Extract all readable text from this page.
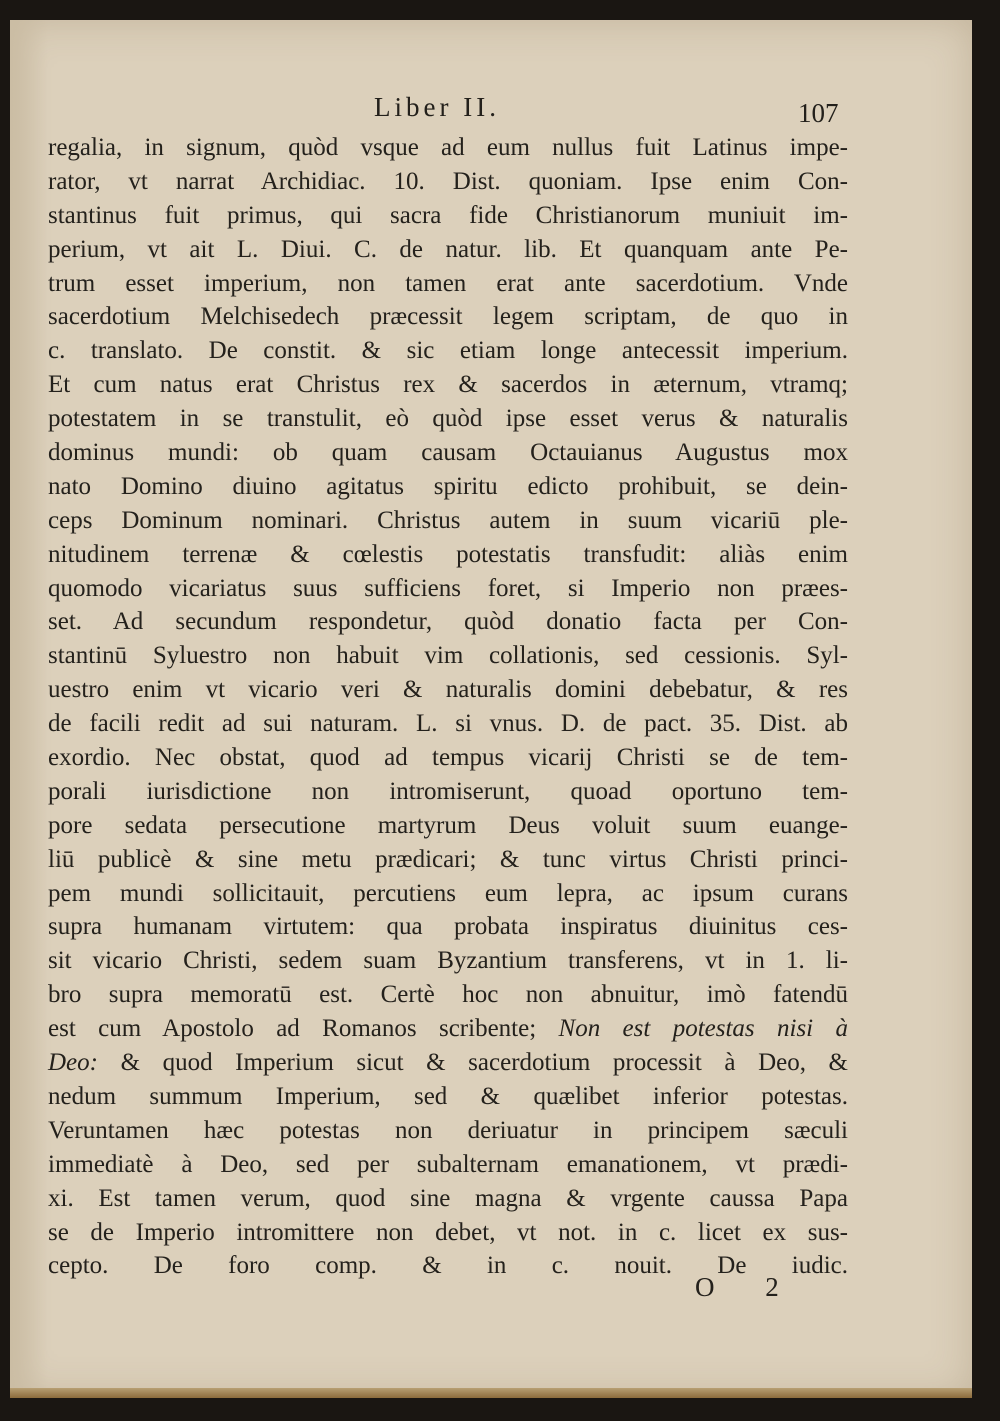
Liber II.	107
regalia, in signum, quòd vsque ad eum nullus fuit Latinus impe-
rator, vt narrat Archidiac. 10. Dist. quoniam. Ipse enim Con-
stantinus fuit primus, qui sacra fide Christianorum muniuit im-
perium, vt ait L. Diui. C. de natur. lib. Et quanquam ante Pe-
trum esset imperium, non tamen erat ante sacerdotium. Vnde
sacerdotium Melchisedech præcessit legem scriptam, de quo in
c. translato. De constit. & sic etiam longe antecessit imperium.
Et cum natus erat Christus rex & sacerdos in æternum, vtramq;
potestatem in se transtulit, eò quòd ipse esset verus & naturalis
dominus mundi: ob quam causam Octauianus Augustus mox
nato Domino diuino agitatus spiritu edicto prohibuit, se dein-
ceps Dominum nominari. Christus autem in suum vicariū ple-
nitudinem terrenæ & cœlestis potestatis transfudit: aliàs enim
quomodo vicariatus suus sufficiens foret, si Imperio non præes-
set. Ad secundum respondetur, quòd donatio facta per Con-
stantinū Syluestro non habuit vim collationis, sed cessionis. Syl-
uestro enim vt vicario veri & naturalis domini debebatur, & res
de facili redit ad sui naturam. L. si vnus. D. de pact. 35. Dist. ab
exordio. Nec obstat, quod ad tempus vicarij Christi se de tem-
porali iurisdictione non intromiserunt, quoad oportuno tem-
pore sedata persecutione martyrum Deus voluit suum euange-
liū publicè & sine metu prædicari; & tunc virtus Christi princi-
pem mundi sollicitauit, percutiens eum lepra, ac ipsum curans
supra humanam virtutem: qua probata inspiratus diuinitus ces-
sit vicario Christi, sedem suam Byzantium transferens, vt in 1. li-
bro supra memoratū est. Certè hoc non abnuitur, imò fatendū
est cum Apostolo ad Romanos scribente; Non est potestas nisi à
Deo: & quod Imperium sicut & sacerdotium processit à Deo, &
nedum summum Imperium, sed & quælibet inferior potestas.
Veruntamen hæc potestas non deriuatur in principem sæculi
immediatè à Deo, sed per subalternam emanationem, vt prædi-
xi. Est tamen verum, quod sine magna & vrgente caussa Papa
se de Imperio intromittere non debet, vt not. in c. licet ex sus-
cepto. De foro comp. & in c. nouit. De iudic.
O 2
